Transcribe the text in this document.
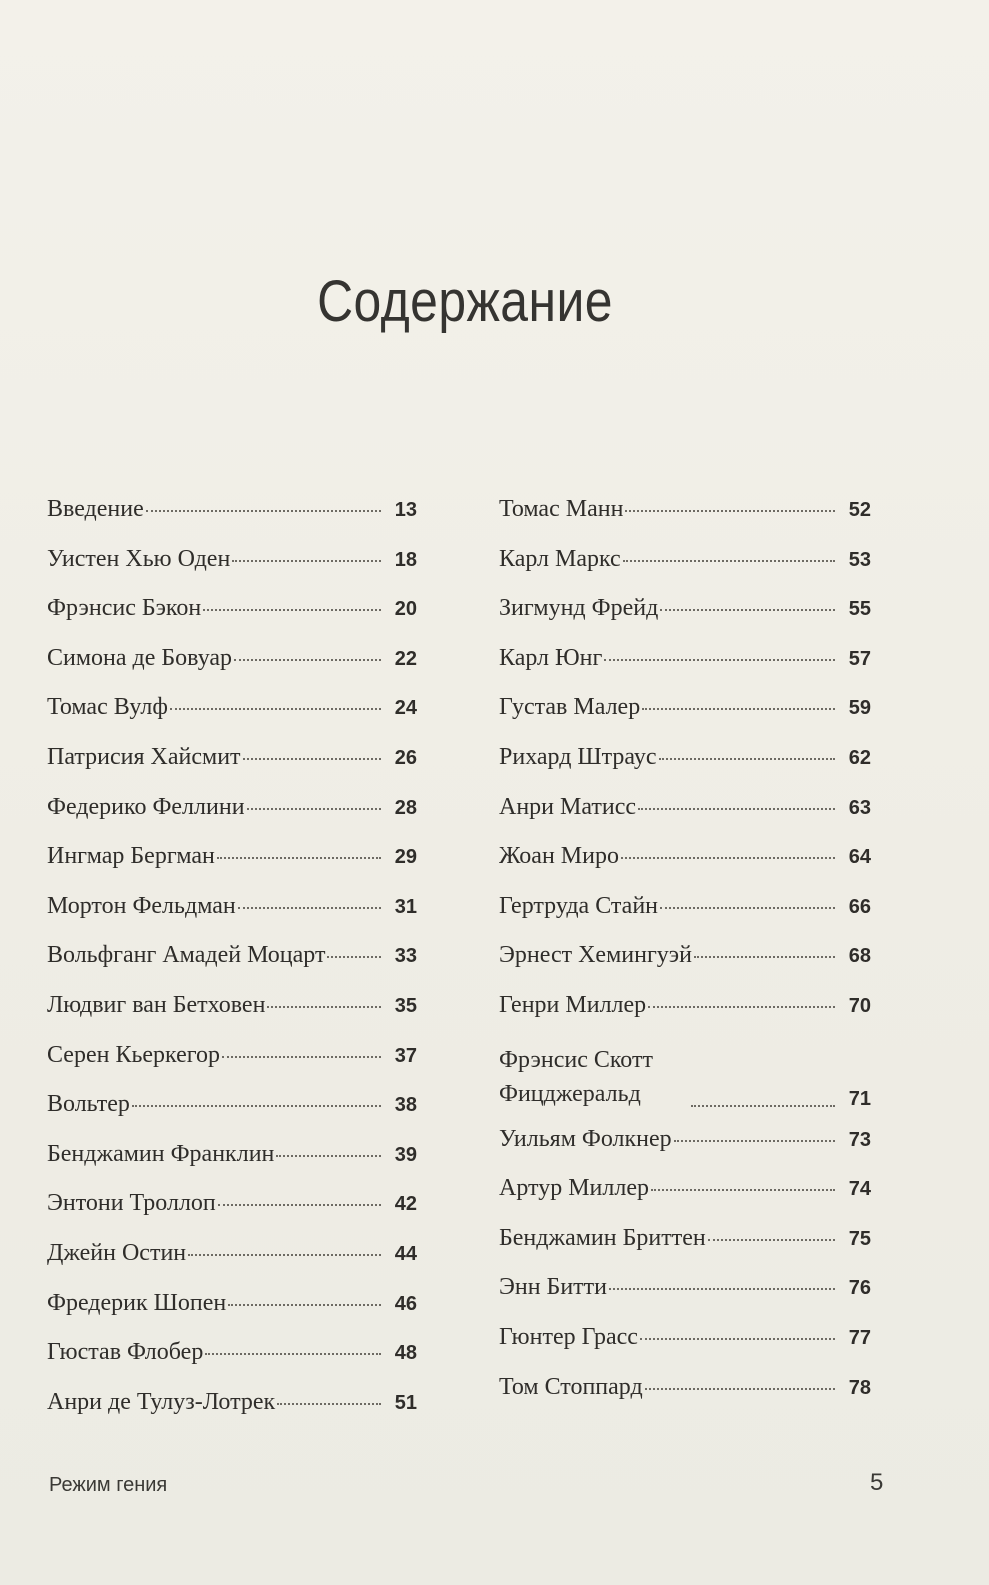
Содержание
Введение	13
Уистен Хью Оден	18
Фрэнсис Бэкон	20
Симона де Бовуар	22
Томас Вулф	24
Патрисия Хайсмит	26
Федерико Феллини	28
Ингмар Бергман	29
Мортон Фельдман	31
Вольфганг Амадей Моцарт	33
Людвиг ван Бетховен	35
Серен Кьеркегор	37
Вольтер	38
Бенджамин Франклин	39
Энтони Троллоп	42
Джейн Остин	44
Фредерик Шопен	46
Гюстав Флобер	48
Анри де Тулуз-Лотрек	51
Томас Манн	52
Карл Маркс	53
Зигмунд Фрейд	55
Карл Юнг	57
Густав Малер	59
Рихард Штраус	62
Анри Матисс	63
Жоан Миро	64
Гертруда Стайн	66
Эрнест Хемингуэй	68
Генри Миллер	70
Фрэнсис Скотт Фицджеральд	71
Уильям Фолкнер	73
Артур Миллер	74
Бенджамин Бриттен	75
Энн Битти	76
Гюнтер Грасс	77
Том Стоппард	78
Режим гения	5
